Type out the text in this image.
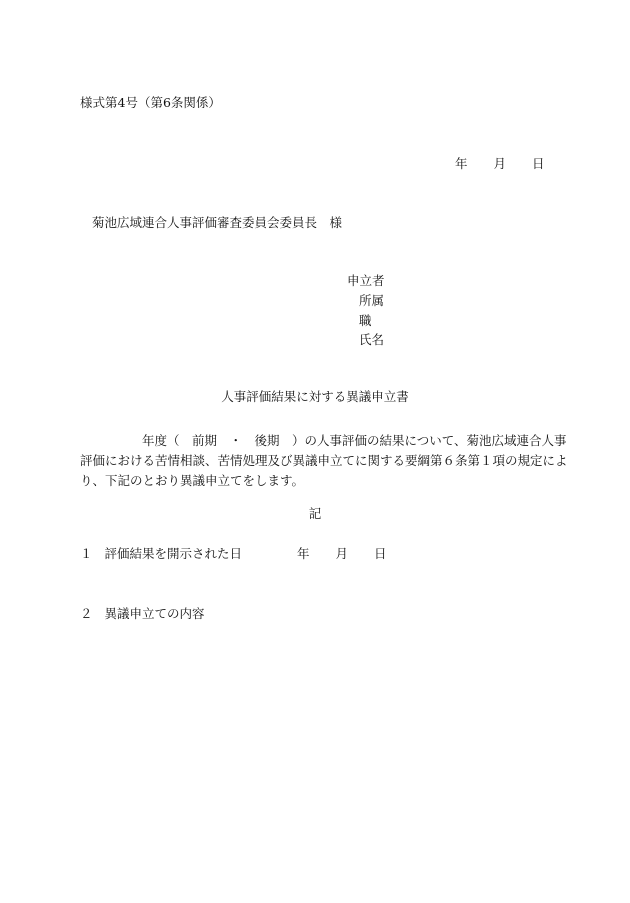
様式第4号（第6条関係）
年 月 日
菊池広域連合人事評価審査委員会委員長　様
申立者
所属
職
氏名
人事評価結果に対する異議申立書
年度（　前期　・　後期　）の人事評価の結果について、菊池広域連合人事
評価における苦情相談、苦情処理及び異議申立てに関する要綱第６条第１項の規定によ
り、下記のとおり異議申立てをします。
記
１ 評価結果を開示された日	年 月 日
２ 異議申立ての内容
